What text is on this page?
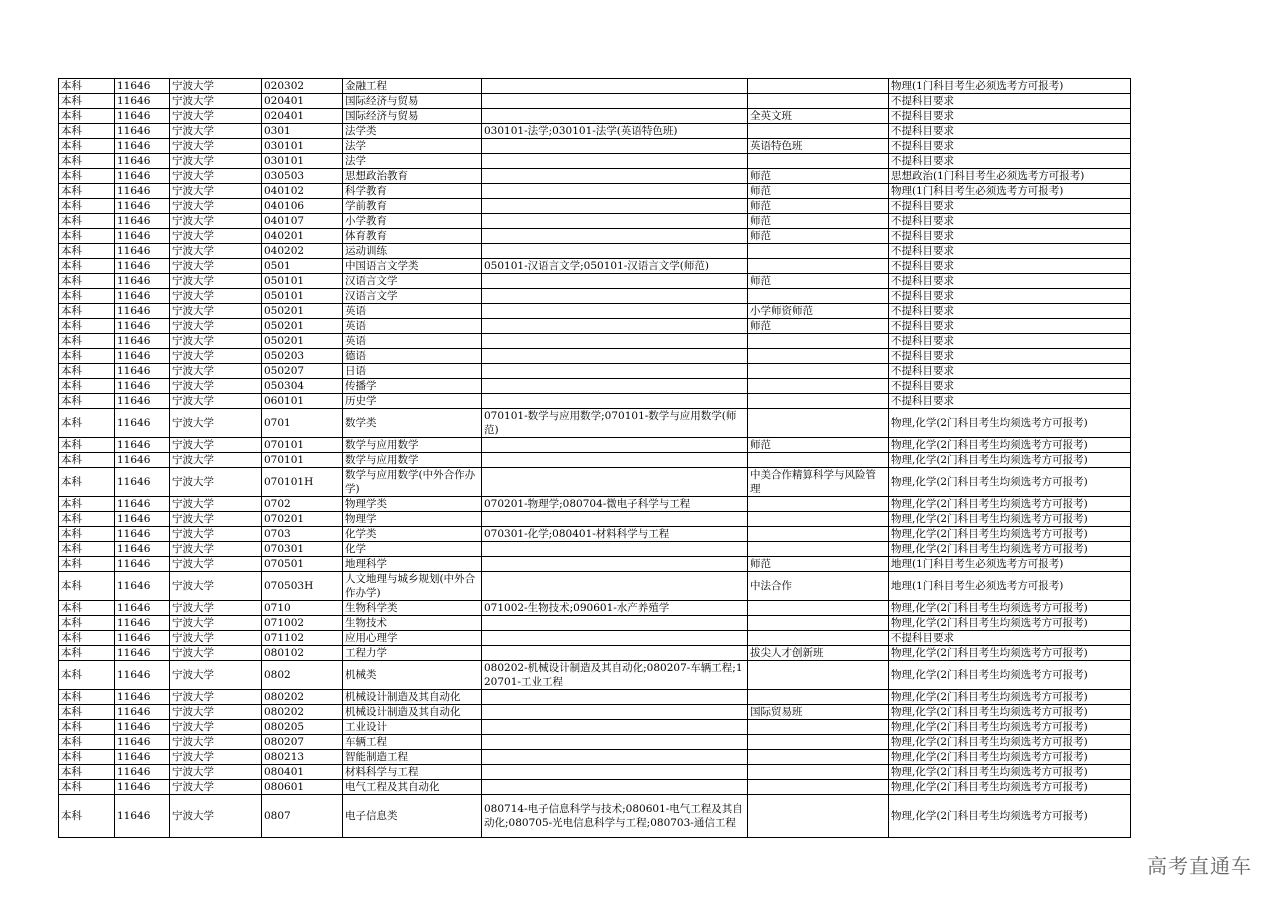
本科	11646	宁波大学	020302	金融工程			物理(1门科目考生必须选考方可报考)
本科	11646	宁波大学	020401	国际经济与贸易			不提科目要求
本科	11646	宁波大学	020401	国际经济与贸易		全英文班	不提科目要求
本科	11646	宁波大学	0301	法学类	030101-法学;030101-法学(英语特色班)		不提科目要求
本科	11646	宁波大学	030101	法学		英语特色班	不提科目要求
本科	11646	宁波大学	030101	法学			不提科目要求
本科	11646	宁波大学	030503	思想政治教育		师范	思想政治(1门科目考生必须选考方可报考)
本科	11646	宁波大学	040102	科学教育		师范	物理(1门科目考生必须选考方可报考)
本科	11646	宁波大学	040106	学前教育		师范	不提科目要求
本科	11646	宁波大学	040107	小学教育		师范	不提科目要求
本科	11646	宁波大学	040201	体育教育		师范	不提科目要求
本科	11646	宁波大学	040202	运动训练			不提科目要求
本科	11646	宁波大学	0501	中国语言文学类	050101-汉语言文学;050101-汉语言文学(师范)		不提科目要求
本科	11646	宁波大学	050101	汉语言文学		师范	不提科目要求
本科	11646	宁波大学	050101	汉语言文学			不提科目要求
本科	11646	宁波大学	050201	英语		小学师资师范	不提科目要求
本科	11646	宁波大学	050201	英语		师范	不提科目要求
本科	11646	宁波大学	050201	英语			不提科目要求
本科	11646	宁波大学	050203	德语			不提科目要求
本科	11646	宁波大学	050207	日语			不提科目要求
本科	11646	宁波大学	050304	传播学			不提科目要求
本科	11646	宁波大学	060101	历史学			不提科目要求
本科	11646	宁波大学	0701	数学类	070101-数学与应用数学;070101-数学与应用数学(师范)		物理,化学(2门科目考生均须选考方可报考)
本科	11646	宁波大学	070101	数学与应用数学		师范	物理,化学(2门科目考生均须选考方可报考)
本科	11646	宁波大学	070101	数学与应用数学			物理,化学(2门科目考生均须选考方可报考)
本科	11646	宁波大学	070101H	数学与应用数学(中外合作办学)		中美合作精算科学与风险管理	物理,化学(2门科目考生均须选考方可报考)
本科	11646	宁波大学	0702	物理学类	070201-物理学;080704-微电子科学与工程		物理,化学(2门科目考生均须选考方可报考)
本科	11646	宁波大学	070201	物理学			物理,化学(2门科目考生均须选考方可报考)
本科	11646	宁波大学	0703	化学类	070301-化学;080401-材料科学与工程		物理,化学(2门科目考生均须选考方可报考)
本科	11646	宁波大学	070301	化学			物理,化学(2门科目考生均须选考方可报考)
本科	11646	宁波大学	070501	地理科学		师范	地理(1门科目考生必须选考方可报考)
本科	11646	宁波大学	070503H	人文地理与城乡规划(中外合作办学)		中法合作	地理(1门科目考生必须选考方可报考)
本科	11646	宁波大学	0710	生物科学类	071002-生物技术;090601-水产养殖学		物理,化学(2门科目考生均须选考方可报考)
本科	11646	宁波大学	071002	生物技术			物理,化学(2门科目考生均须选考方可报考)
本科	11646	宁波大学	071102	应用心理学			不提科目要求
本科	11646	宁波大学	080102	工程力学		拔尖人才创新班	物理,化学(2门科目考生均须选考方可报考)
本科	11646	宁波大学	0802	机械类	080202-机械设计制造及其自动化;080207-车辆工程;120701-工业工程		物理,化学(2门科目考生均须选考方可报考)
本科	11646	宁波大学	080202	机械设计制造及其自动化			物理,化学(2门科目考生均须选考方可报考)
本科	11646	宁波大学	080202	机械设计制造及其自动化		国际贸易班	物理,化学(2门科目考生均须选考方可报考)
本科	11646	宁波大学	080205	工业设计			物理,化学(2门科目考生均须选考方可报考)
本科	11646	宁波大学	080207	车辆工程			物理,化学(2门科目考生均须选考方可报考)
本科	11646	宁波大学	080213	智能制造工程			物理,化学(2门科目考生均须选考方可报考)
本科	11646	宁波大学	080401	材料科学与工程			物理,化学(2门科目考生均须选考方可报考)
本科	11646	宁波大学	080601	电气工程及其自动化			物理,化学(2门科目考生均须选考方可报考)
本科	11646	宁波大学	0807	电子信息类	080714-电子信息科学与技术;080601-电气工程及其自动化;080705-光电信息科学与工程;080703-通信工程		物理,化学(2门科目考生均须选考方可报考)
高考直通车
